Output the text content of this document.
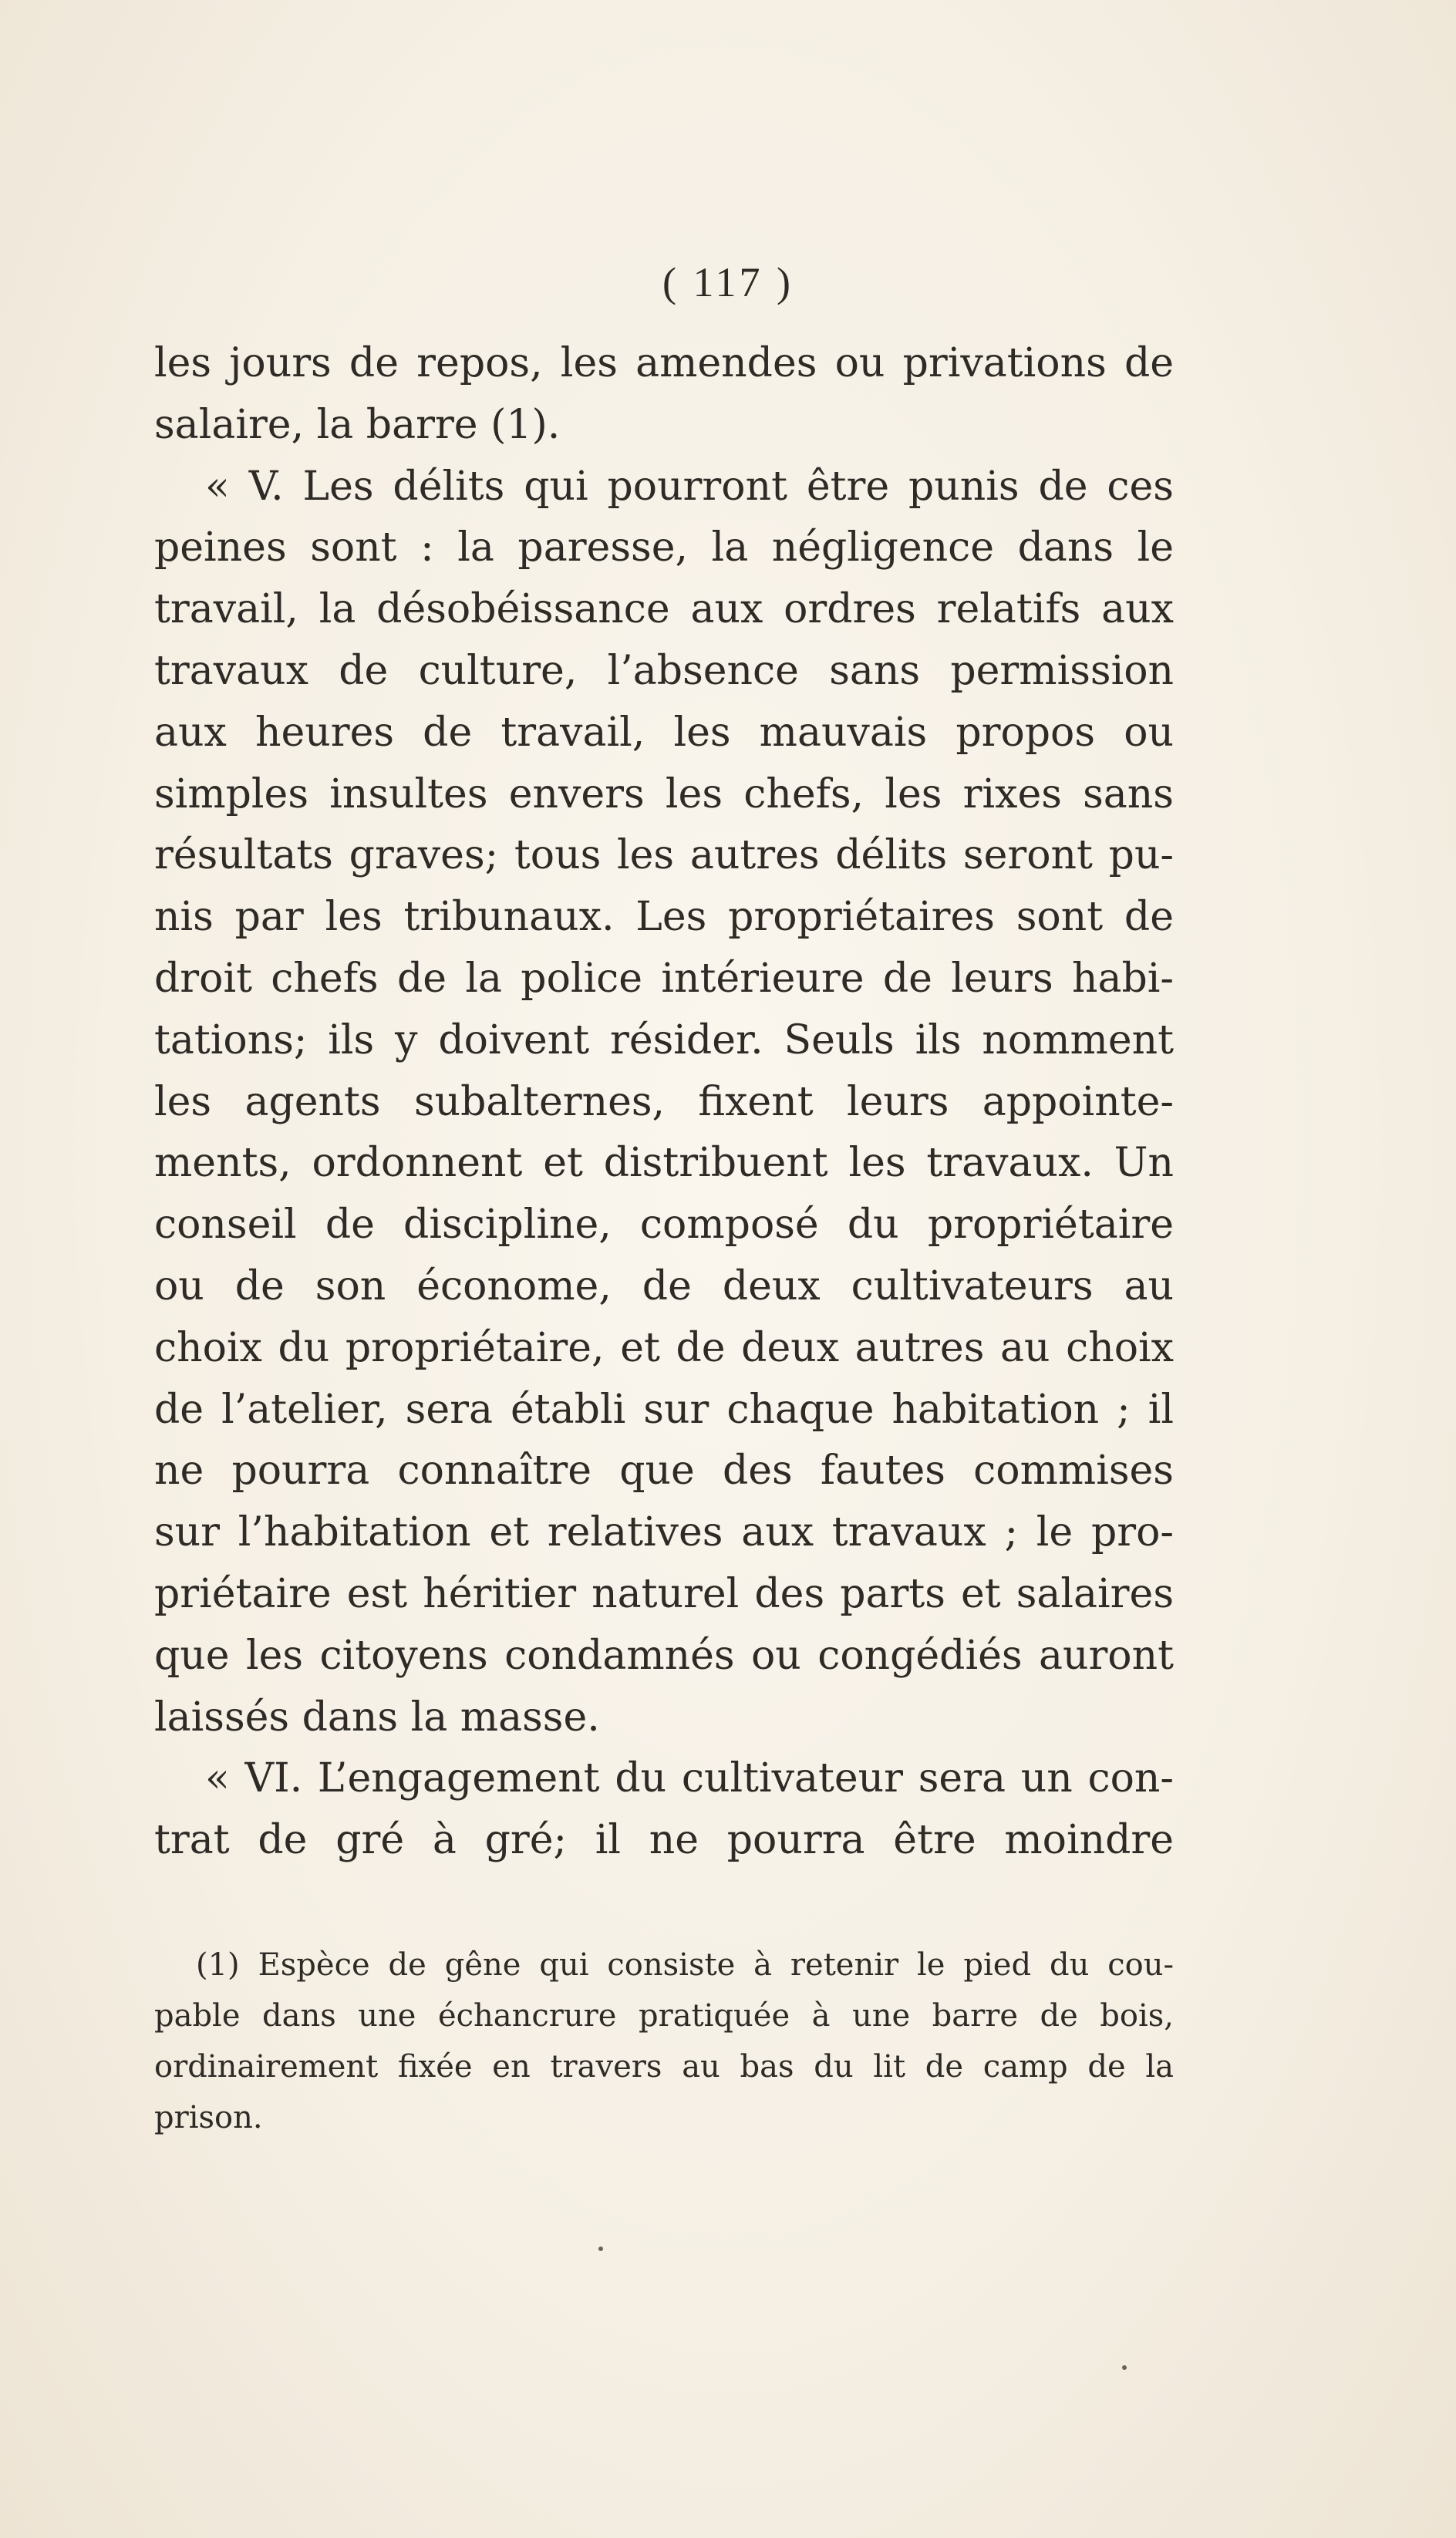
( 117 )
les jours de repos, les amendes ou privations de
salaire, la barre (1).
« V. Les délits qui pourront être punis de ces
peines sont : la paresse, la négligence dans le
travail, la désobéissance aux ordres relatifs aux
travaux de culture, l’absence sans permission
aux heures de travail, les mauvais propos ou
simples insultes envers les chefs, les rixes sans
résultats graves; tous les autres délits seront pu-
nis par les tribunaux. Les propriétaires sont de
droit chefs de la police intérieure de leurs habi-
tations; ils y doivent résider. Seuls ils nomment
les agents subalternes, fixent leurs appointe-
ments, ordonnent et distribuent les travaux. Un
conseil de discipline, composé du propriétaire
ou de son économe, de deux cultivateurs au
choix du propriétaire, et de deux autres au choix
de l’atelier, sera établi sur chaque habitation ; il
ne pourra connaître que des fautes commises
sur l’habitation et relatives aux travaux ; le pro-
priétaire est héritier naturel des parts et salaires
que les citoyens condamnés ou congédiés auront
laissés dans la masse.
« VI. L’engagement du cultivateur sera un con-
trat de gré à gré; il ne pourra être moindre
(1) Espèce de gêne qui consiste à retenir le pied du cou-
pable dans une échancrure pratiquée à une barre de bois,
ordinairement fixée en travers au bas du lit de camp de la
prison.
